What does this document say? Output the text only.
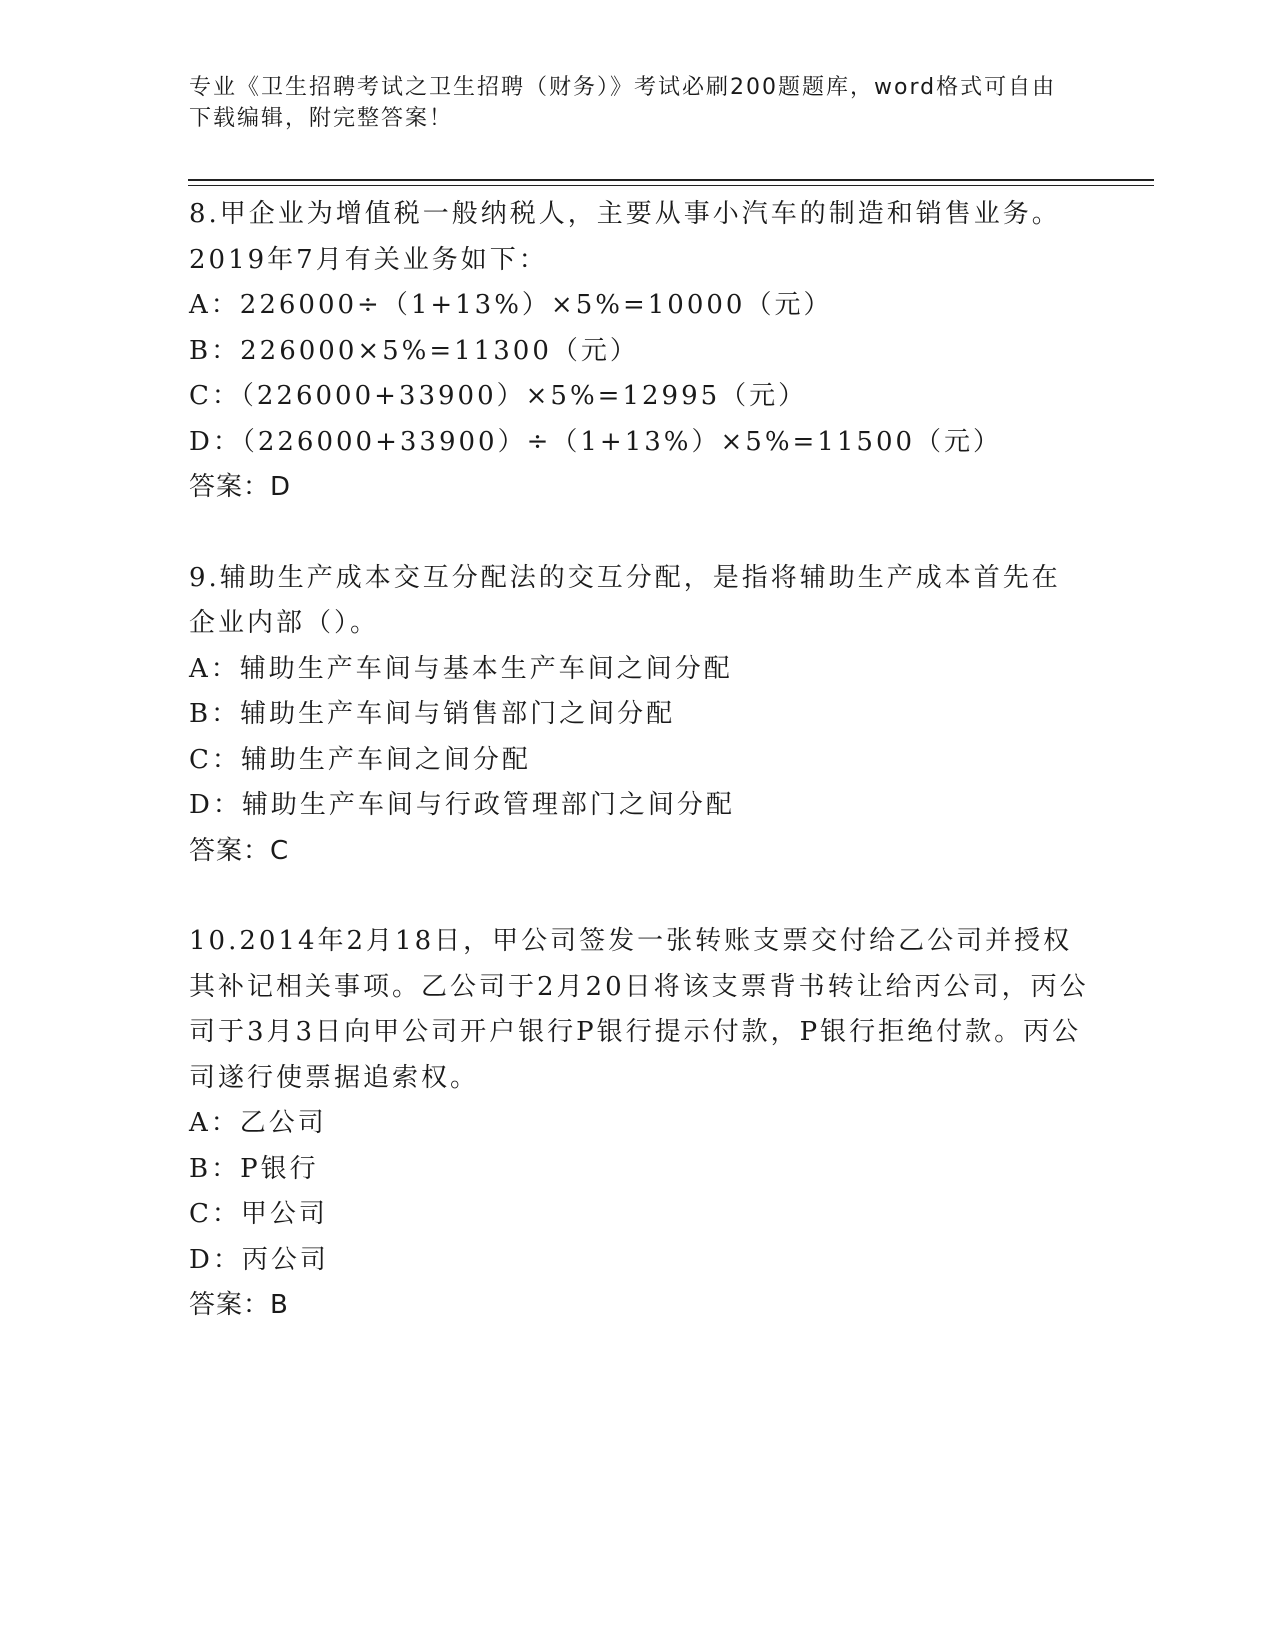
专业《卫生招聘考试之卫生招聘（财务）》考试必刷200题题库，word格式可自由下载编辑，附完整答案！
8.甲企业为增值税一般纳税人，主要从事小汽车的制造和销售业务。2019年7月有关业务如下：
A：226000÷（1+13%）×5%=10000（元）
B：226000×5%=11300（元）
C：（226000+33900）×5%=12995（元）
D：（226000+33900）÷（1+13%）×5%=11500（元）
答案：D
9.辅助生产成本交互分配法的交互分配，是指将辅助生产成本首先在企业内部（）。
A：辅助生产车间与基本生产车间之间分配
B：辅助生产车间与销售部门之间分配
C：辅助生产车间之间分配
D：辅助生产车间与行政管理部门之间分配
答案：C
10.2014年2月18日，甲公司签发一张转账支票交付给乙公司并授权其补记相关事项。乙公司于2月20日将该支票背书转让给丙公司，丙公司于3月3日向甲公司开户银行P银行提示付款，P银行拒绝付款。丙公司遂行使票据追索权。
A：乙公司
B：P银行
C：甲公司
D：丙公司
答案：B
